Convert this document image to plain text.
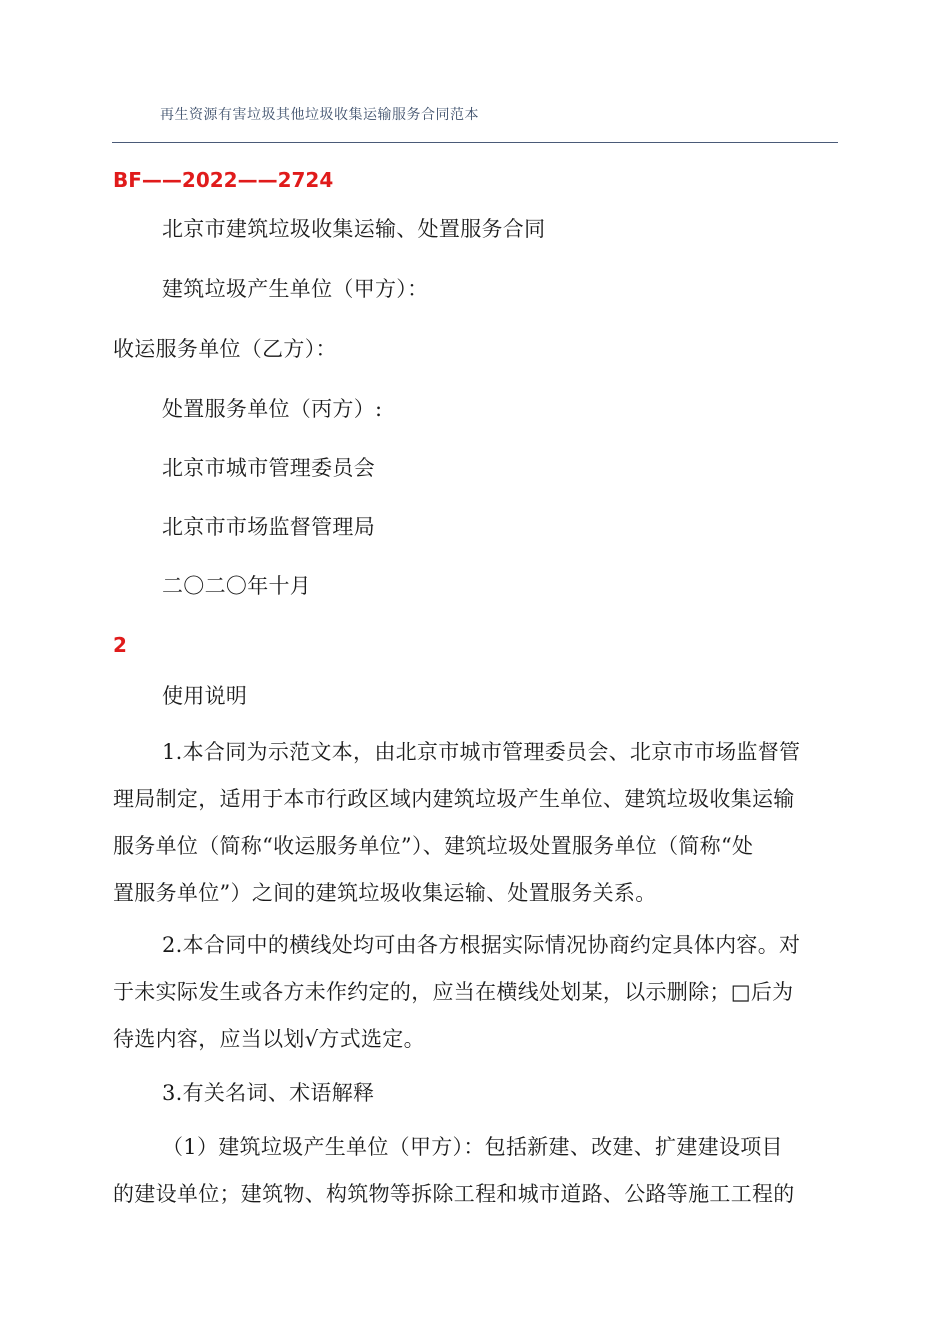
再生资源有害垃圾其他垃圾收集运输服务合同范本
BF——2022——2724
北京市建筑垃圾收集运输、处置服务合同
建筑垃圾产生单位（甲方）：
收运服务单位（乙方）：
处置服务单位（丙方）:
北京市城市管理委员会
北京市市场监督管理局
二〇二〇年十月
2
使用说明
1.本合同为示范文本，由北京市城市管理委员会、北京市市场监督管
理局制定，适用于本市行政区域内建筑垃圾产生单位、建筑垃圾收集运输
服务单位（简称“收运服务单位”）、建筑垃圾处置服务单位（简称“处
置服务单位”）之间的建筑垃圾收集运输、处置服务关系。
2.本合同中的横线处均可由各方根据实际情况协商约定具体内容。对
于未实际发生或各方未作约定的，应当在横线处划某，以示删除；□后为
待选内容，应当以划√方式选定。
3.有关名词、术语解释
（1）建筑垃圾产生单位（甲方）：包括新建、改建、扩建建设项目
的建设单位；建筑物、构筑物等拆除工程和城市道路、公路等施工工程的
